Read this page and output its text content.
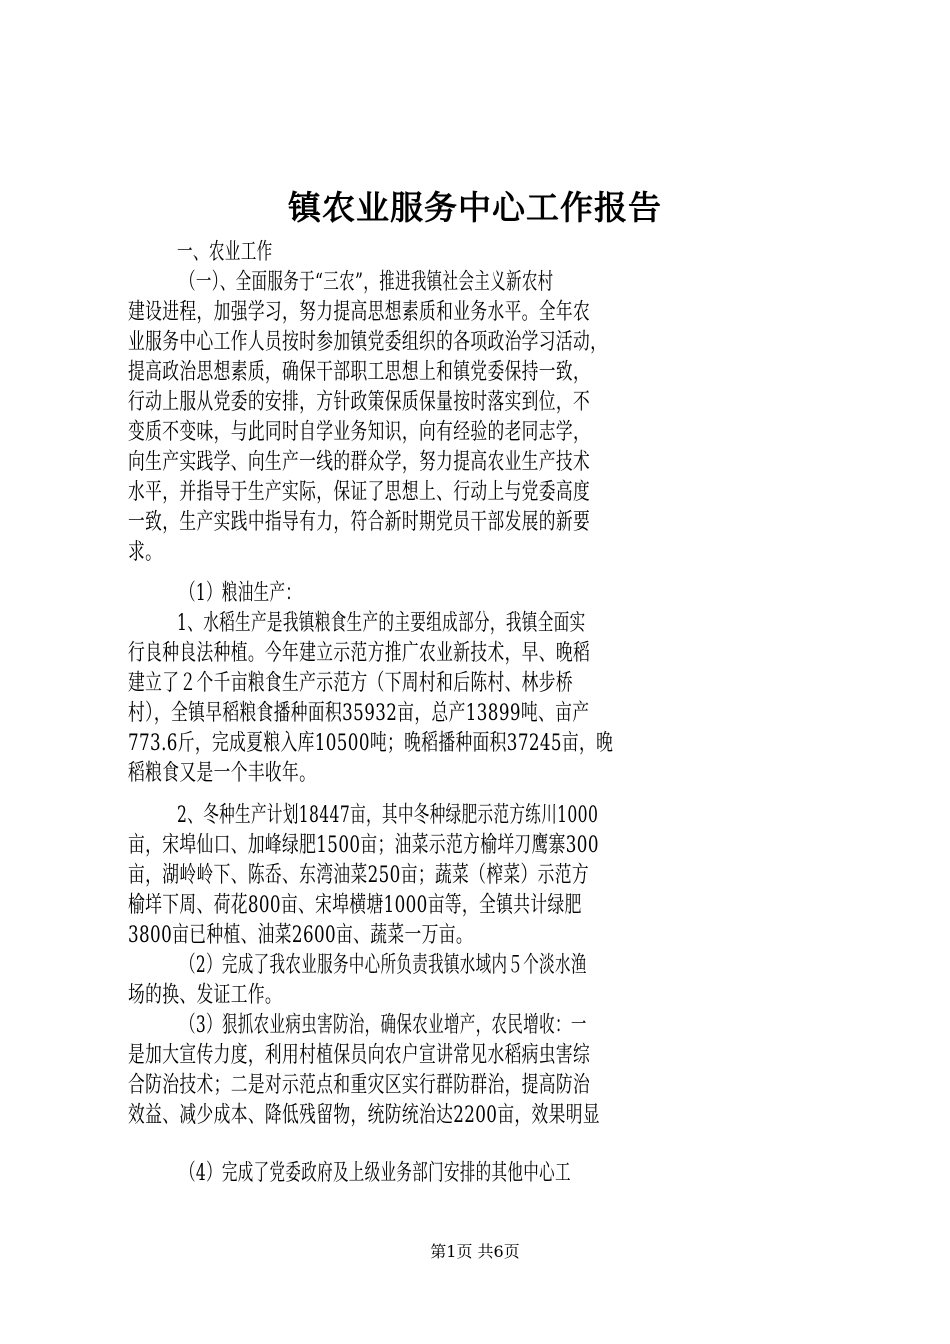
镇农业服务中心工作报告
一、农业工作
（一）、全面服务于“三农”，推进我镇社会主义新农村
建设进程，加强学习，努力提高思想素质和业务水平。全年农
业服务中心工作人员按时参加镇党委组织的各项政治学习活动，
提高政治思想素质，确保干部职工思想上和镇党委保持一致，
行动上服从党委的安排，方针政策保质保量按时落实到位，不
变质不变味，与此同时自学业务知识，向有经验的老同志学，
向生产实践学、向生产一线的群众学，努力提高农业生产技术
水平，并指导于生产实际，保证了思想上、行动上与党委高度
一致，生产实践中指导有力，符合新时期党员干部发展的新要
求。
（1）粮油生产：
1、水稻生产是我镇粮食生产的主要组成部分，我镇全面实
行良种良法种植。今年建立示范方推广农业新技术，早、晚稻
建立了２个千亩粮食生产示范方（下周村和后陈村、林步桥
村），全镇早稻粮食播种面积35932亩，总产13899吨、亩产
773.6斤，完成夏粮入库10500吨；晚稻播种面积37245亩，晚
稻粮食又是一个丰收年。
2、冬种生产计划18447亩，其中冬种绿肥示范方练川1000
亩，宋埠仙口、加峰绿肥1500亩；油菜示范方榆垟刀鹰寨300
亩，湖岭岭下、陈岙、东湾油菜250亩；蔬菜（榨菜）示范方
榆垟下周、荷花800亩、宋埠横塘1000亩等，全镇共计绿肥
3800亩已种植、油菜2600亩、蔬菜一万亩。
（2）完成了我农业服务中心所负责我镇水域内５个淡水渔
场的换、发证工作。
（3）狠抓农业病虫害防治，确保农业增产，农民增收：一
是加大宣传力度，利用村植保员向农户宣讲常见水稻病虫害综
合防治技术；二是对示范点和重灾区实行群防群治，提高防治
效益、减少成本、降低残留物，统防统治达2200亩，效果明显
（4）完成了党委政府及上级业务部门安排的其他中心工
第1页 共6页
